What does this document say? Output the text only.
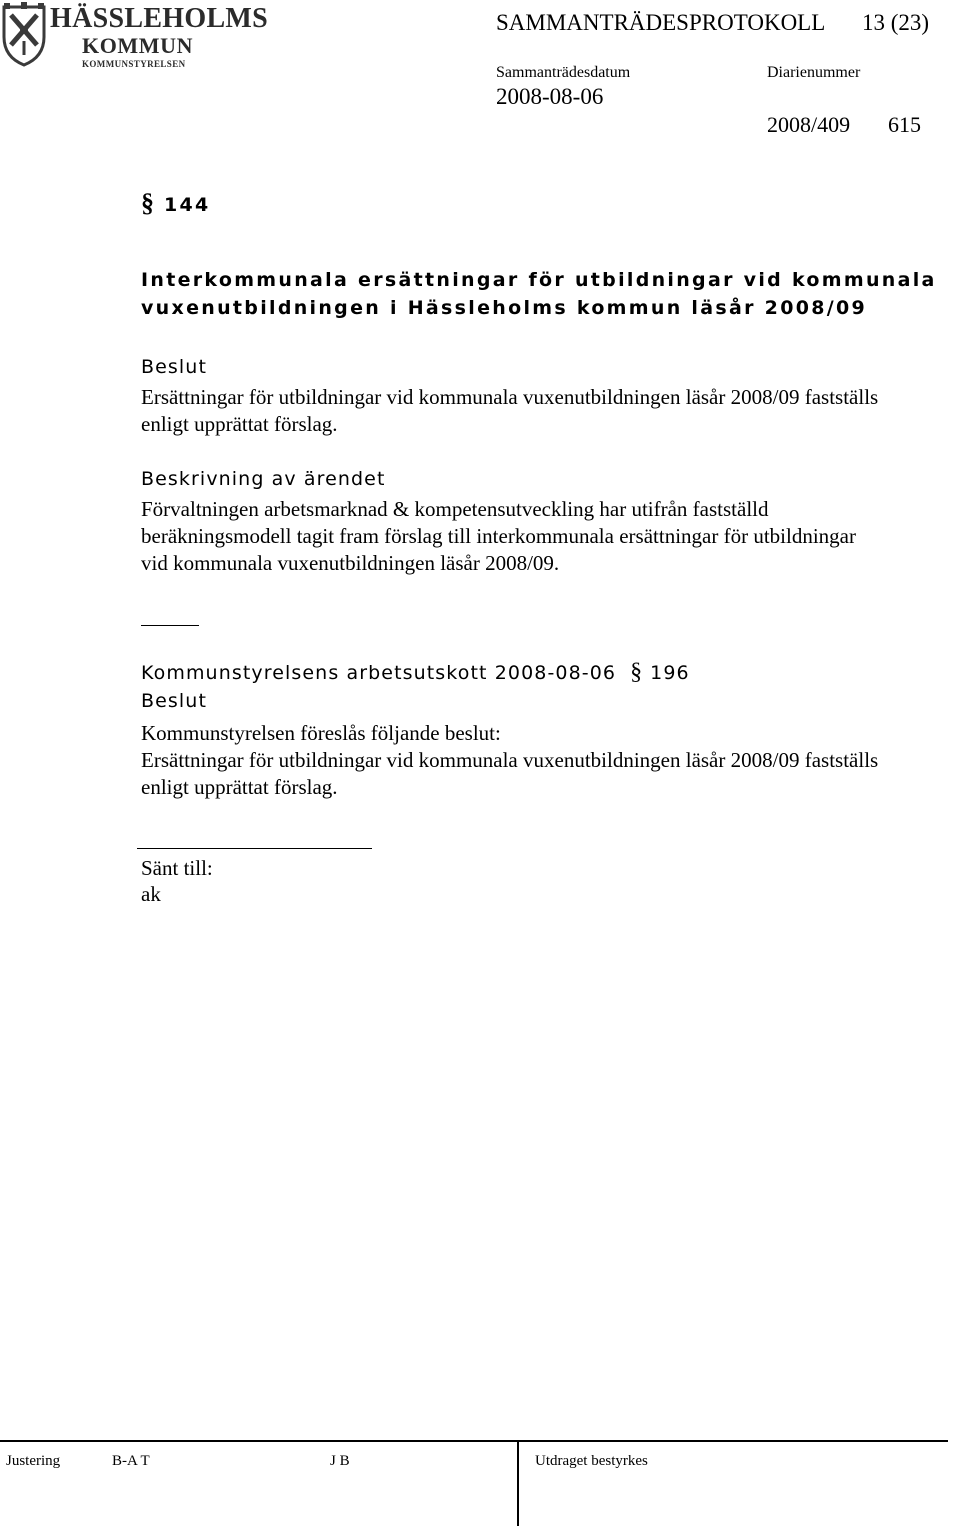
HÄSSLEHOLMS
KOMMUN
KOMMUNSTYRELSEN
SAMMANTRÄDESPROTOKOLL 13 (23)
Sammanträdesdatum
2008-08-06
Diarienummer
2008/409 615
§ 144
Interkommunala ersättningar för utbildningar vid kommunala
vuxenutbildningen i Hässleholms kommun läsår 2008/09
Beslut
Ersättningar för utbildningar vid kommunala vuxenutbildningen läsår 2008/09 fastställs
enligt upprättat förslag.
Beskrivning av ärendet
Förvaltningen arbetsmarknad & kompetensutveckling har utifrån fastställd
beräkningsmodell tagit fram förslag till interkommunala ersättningar för utbildningar
vid kommunala vuxenutbildningen läsår 2008/09.
Kommunstyrelsens arbetsutskott 2008-08-06 § 196
Beslut
Kommunstyrelsen föreslås följande beslut:
Ersättningar för utbildningar vid kommunala vuxenutbildningen läsår 2008/09 fastställs
enligt upprättat förslag.
Sänt till:
ak
Justering	B-A T	J B	Utdraget bestyrkes
